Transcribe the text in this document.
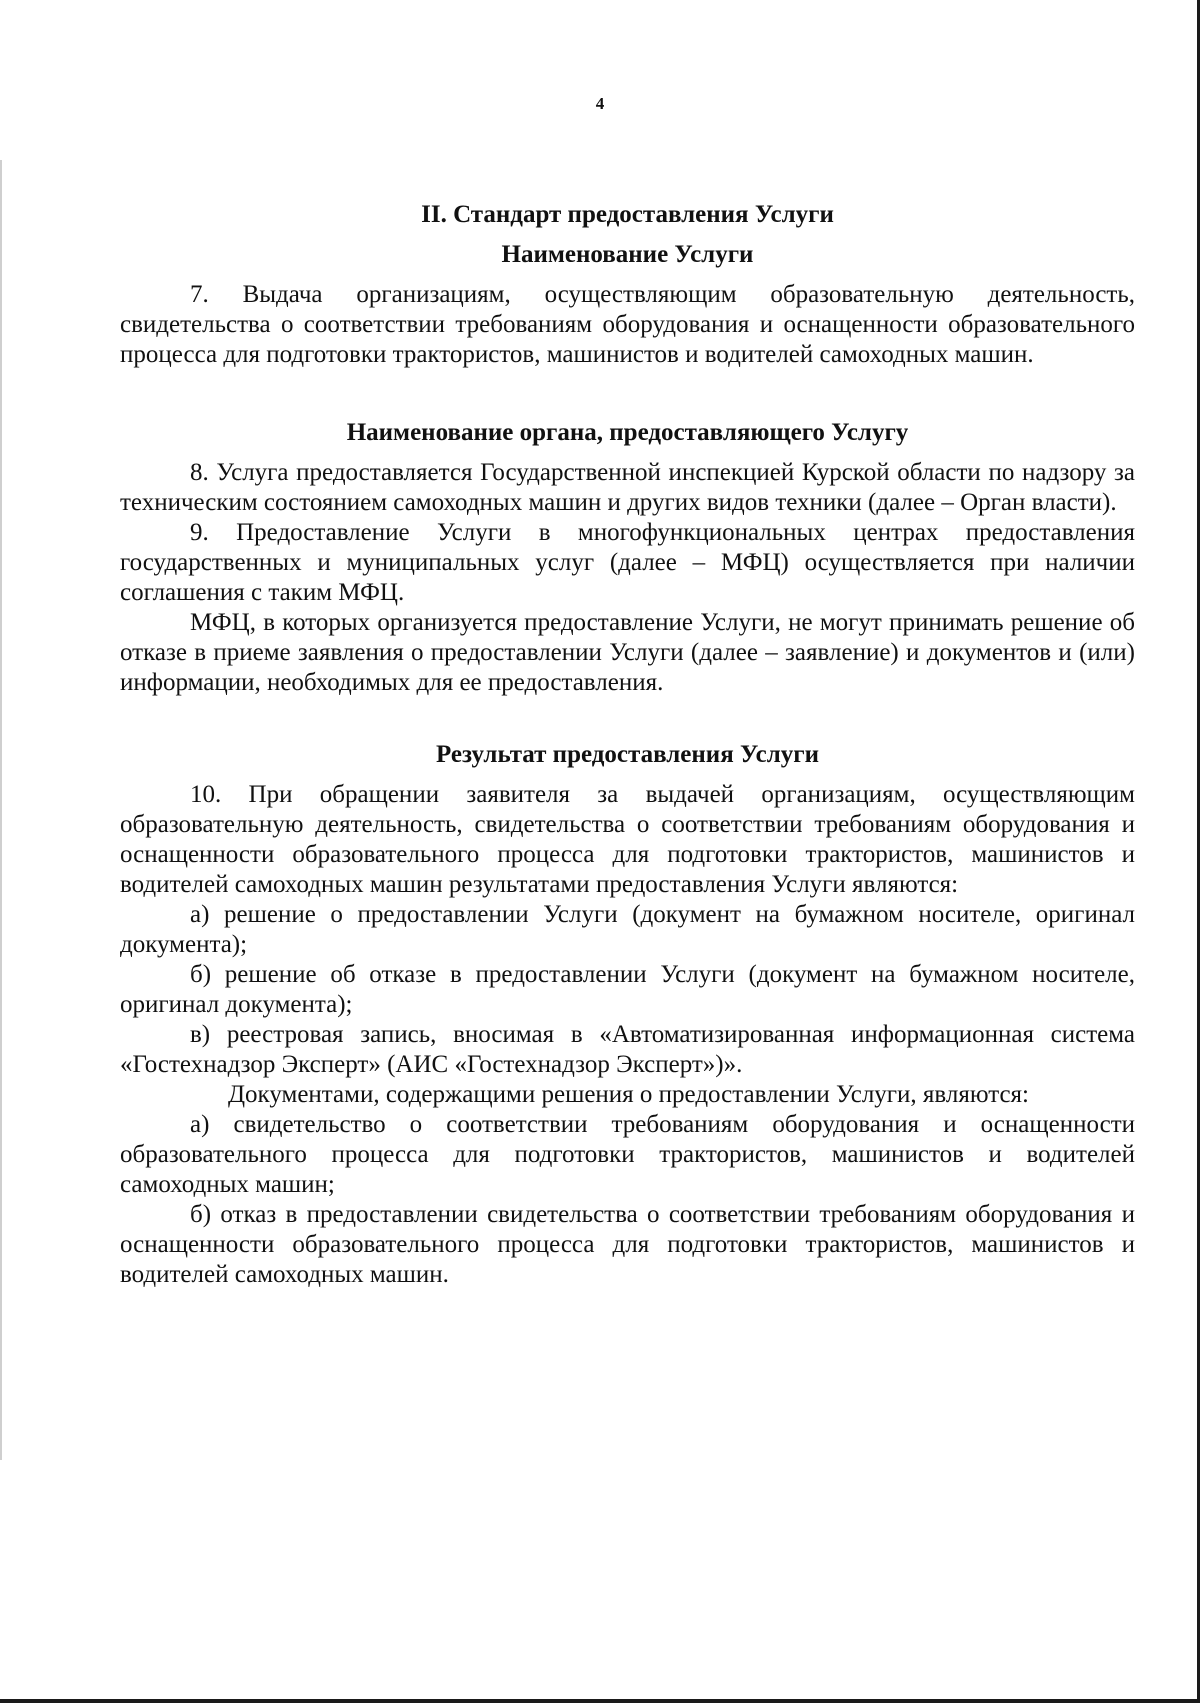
4
II. Стандарт предоставления Услуги
Наименование Услуги

7. Выдача организациям, осуществляющим образовательную деятельность, свидетельства о соответствии требованиям оборудования и оснащенности образовательного процесса для подготовки трактористов, машинистов и водителей самоходных машин.

Наименование органа, предоставляющего Услугу

8. Услуга предоставляется Государственной инспекцией Курской области по надзору за техническим состоянием самоходных машин и других видов техники (далее – Орган власти).

9. Предоставление Услуги в многофункциональных центрах предоставления государственных и муниципальных услуг (далее – МФЦ) осуществляется при наличии соглашения с таким МФЦ.

МФЦ, в которых организуется предоставление Услуги, не могут принимать решение об отказе в приеме заявления о предоставлении Услуги (далее – заявление) и документов и (или) информации, необходимых для ее предоставления.

Результат предоставления Услуги

10. При обращении заявителя за выдачей организациям, осуществляющим образовательную деятельность, свидетельства о соответствии требованиям оборудования и оснащенности образовательного процесса для подготовки трактористов, машинистов и водителей самоходных машин результатами предоставления Услуги являются:

а) решение о предоставлении Услуги (документ на бумажном носителе, оригинал документа);

б) решение об отказе в предоставлении Услуги (документ на бумажном носителе, оригинал документа);

в) реестровая запись, вносимая в «Автоматизированная информационная система «Гостехнадзор Эксперт» (АИС «Гостехнадзор Эксперт»)».

Документами, содержащими решения о предоставлении Услуги, являются:

а) свидетельство о соответствии требованиям оборудования и оснащенности образовательного процесса для подготовки трактористов, машинистов и водителей самоходных машин;

б) отказ в предоставлении свидетельства о соответствии требованиям оборудования и оснащенности образовательного процесса для подготовки трактористов, машинистов и водителей самоходных машин.
